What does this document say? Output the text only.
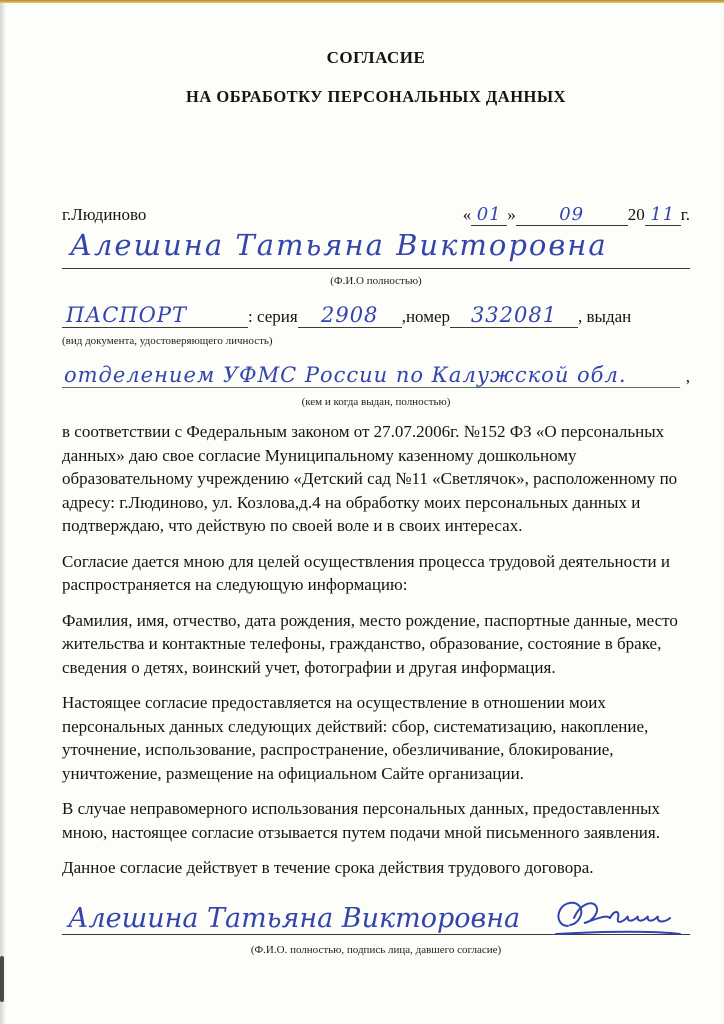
СОГЛАСИЕ
НА ОБРАБОТКУ ПЕРСОНАЛЬНЫХ ДАННЫХ
г.Людиново	« 01 »	09	20 11 г.
Алешина Татьяна Викторовна
(Ф.И.О полностью)
ПАСПОРТ	: серия	2908	,номер 332081	, выдан
(вид документа, удостоверяющего личность)
отделением УФМС России по Калужской обл.	,
(кем и когда выдан, полностью)

в соответствии с Федеральным законом от 27.07.2006г. №152 ФЗ «О персональных данных» даю свое согласие Муниципальному казенному дошкольному образовательному учреждению «Детский сад №11 «Светлячок», расположенному по адресу: г.Людиново, ул. Козлова,д.4 на обработку моих персональных данных и подтверждаю, что действую по своей воле и в своих интересах.

Согласие дается мною для целей осуществления процесса трудовой деятельности и распространяется на следующую информацию:

Фамилия, имя, отчество, дата рождения, место рождение, паспортные данные, место жительства и контактные телефоны, гражданство, образование, состояние в браке, сведения о детях, воинский учет, фотографии и другая информация.

Настоящее согласие предоставляется на осуществление в отношении моих персональных данных следующих действий: сбор, систематизацию, накопление, уточнение, использование, распространение, обезличивание, блокирование, уничтожение, размещение на официальном Сайте организации.

В случае неправомерного использования персональных данных, предоставленных мною, настоящее согласие отзывается путем подачи мной письменного заявления.

Данное согласие действует в течение срока действия трудового договора.

Алешина Татьяна Викторовна
(Ф.И.О. полностью, подпись лица, давшего согласие)
